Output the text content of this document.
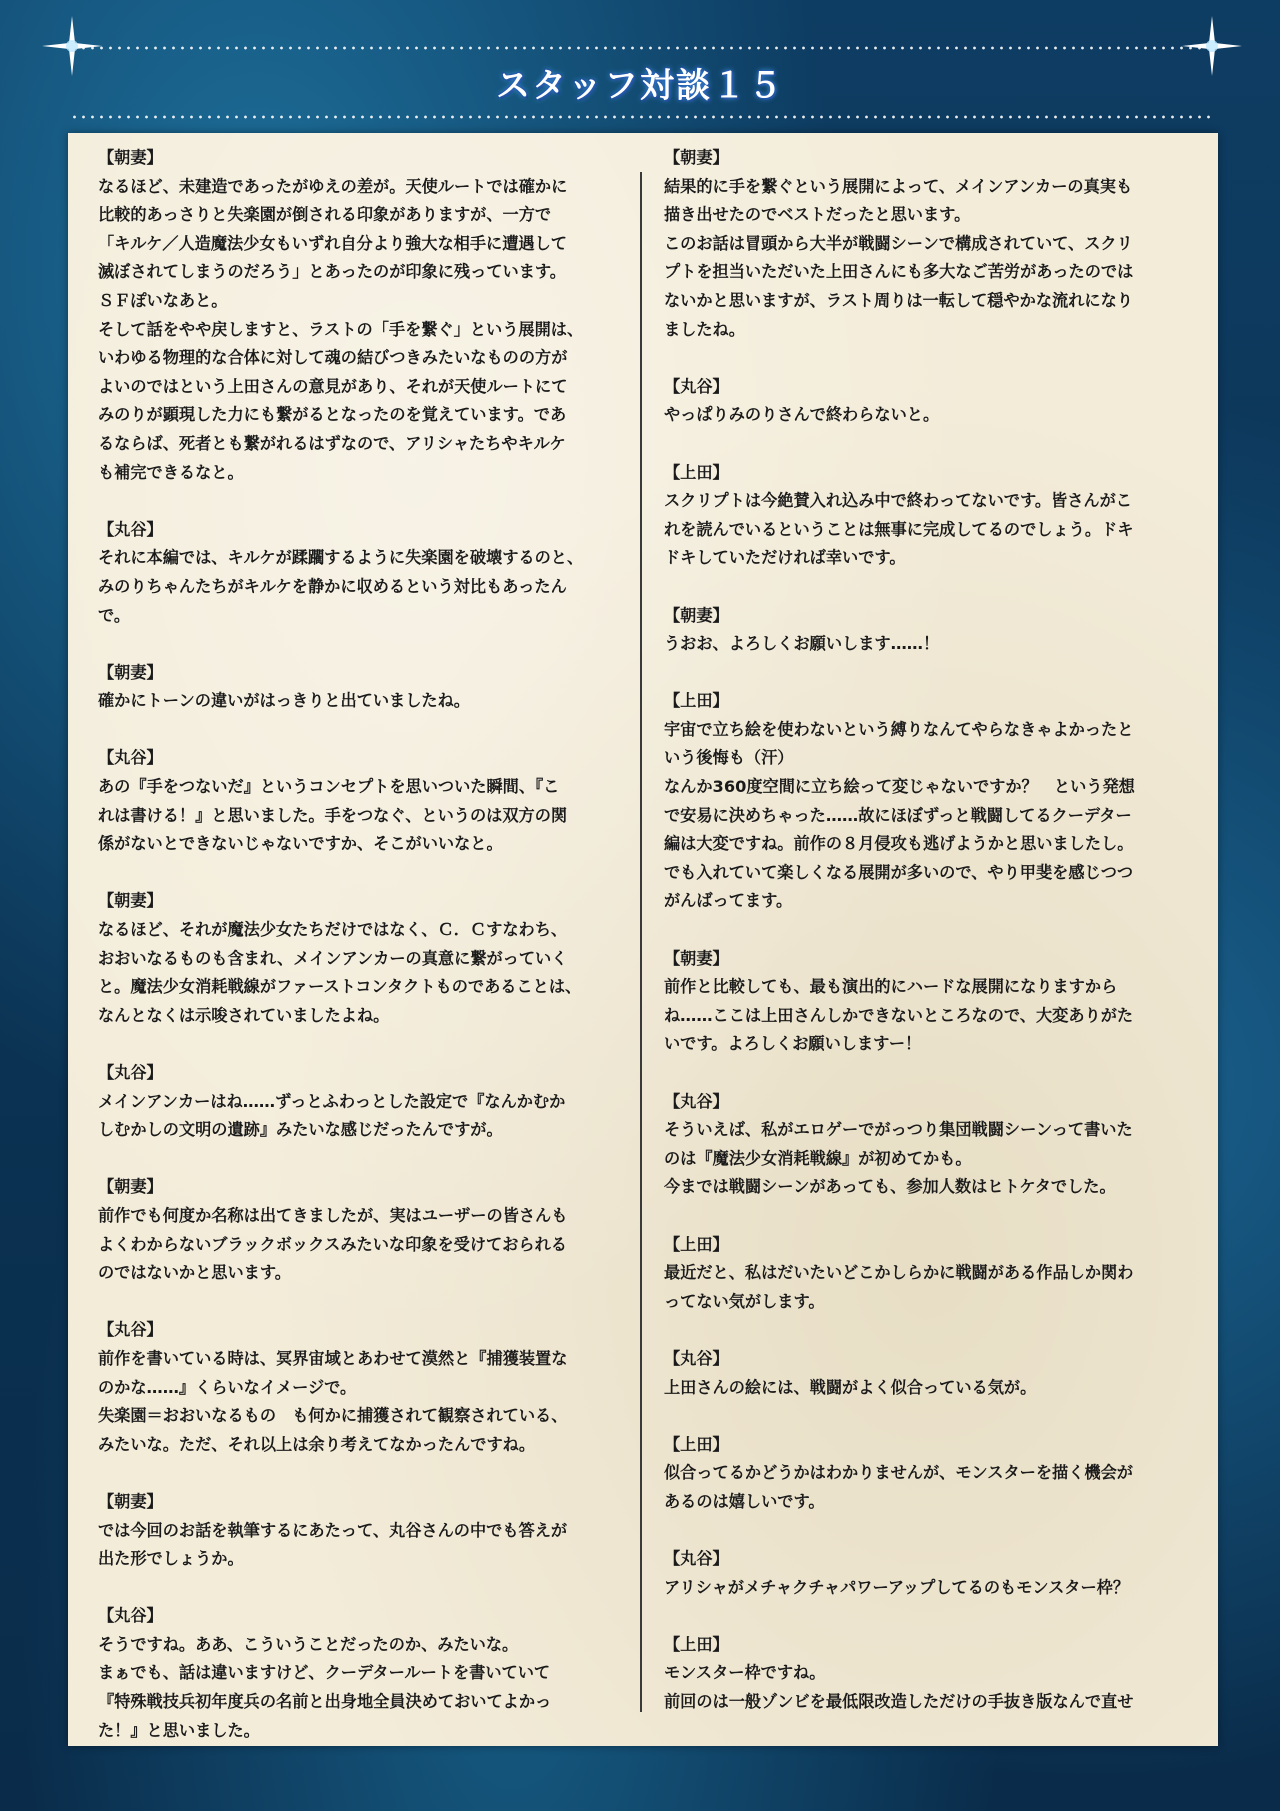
スタッフ対談１５
【朝妻】
なるほど、未建造であったがゆえの差が。天使ルートでは確かに
比較的あっさりと失楽園が倒される印象がありますが、一方で
「キルケ／人造魔法少女もいずれ自分より強大な相手に遭遇して
滅ぼされてしまうのだろう」とあったのが印象に残っています。
ＳＦぽいなあと。
そして話をやや戻しますと、ラストの「手を繋ぐ」という展開は、
いわゆる物理的な合体に対して魂の結びつきみたいなものの方が
よいのではという上田さんの意見があり、それが天使ルートにて
みのりが顕現した力にも繋がるとなったのを覚えています。であ
るならば、死者とも繋がれるはずなので、アリシャたちやキルケ
も補完できるなと。
【丸谷】
それに本編では、キルケが蹂躙するように失楽園を破壊するのと、
みのりちゃんたちがキルケを静かに収めるという対比もあったん
で。
【朝妻】
確かにトーンの違いがはっきりと出ていましたね。
【丸谷】
あの『手をつないだ』というコンセプトを思いついた瞬間、『こ
れは書ける！』と思いました。手をつなぐ、というのは双方の関
係がないとできないじゃないですか、そこがいいなと。
【朝妻】
なるほど、それが魔法少女たちだけではなく、Ｃ．Ｃすなわち、
おおいなるものも含まれ、メインアンカーの真意に繋がっていく
と。魔法少女消耗戦線がファーストコンタクトものであることは、
なんとなくは示唆されていましたよね。
【丸谷】
メインアンカーはね……ずっとふわっとした設定で『なんかむか
しむかしの文明の遺跡』みたいな感じだったんですが。
【朝妻】
前作でも何度か名称は出てきましたが、実はユーザーの皆さんも
よくわからないブラックボックスみたいな印象を受けておられる
のではないかと思います。
【丸谷】
前作を書いている時は、冥界宙域とあわせて漠然と『捕獲装置な
のかな……』くらいなイメージで。
失楽園＝おおいなるもの　も何かに捕獲されて観察されている、
みたいな。ただ、それ以上は余り考えてなかったんですね。
【朝妻】
では今回のお話を執筆するにあたって、丸谷さんの中でも答えが
出た形でしょうか。
【丸谷】
そうですね。ああ、こういうことだったのか、みたいな。
まぁでも、話は違いますけど、クーデタールートを書いていて
『特殊戦技兵初年度兵の名前と出身地全員決めておいてよかっ
た！』と思いました。
【朝妻】
結果的に手を繋ぐという展開によって、メインアンカーの真実も
描き出せたのでベストだったと思います。
このお話は冒頭から大半が戦闘シーンで構成されていて、スクリ
プトを担当いただいた上田さんにも多大なご苦労があったのでは
ないかと思いますが、ラスト周りは一転して穏やかな流れになり
ましたね。
【丸谷】
やっぱりみのりさんで終わらないと。
【上田】
スクリプトは今絶賛入れ込み中で終わってないです。皆さんがこ
れを読んでいるということは無事に完成してるのでしょう。ドキ
ドキしていただければ幸いです。
【朝妻】
うおお、よろしくお願いします……！
【上田】
宇宙で立ち絵を使わないという縛りなんてやらなきゃよかったと
いう後悔も（汗）
なんか360度空間に立ち絵って変じゃないですか？　という発想
で安易に決めちゃった……故にほぼずっと戦闘してるクーデター
編は大変ですね。前作の８月侵攻も逃げようかと思いましたし。
でも入れていて楽しくなる展開が多いので、やり甲斐を感じつつ
がんばってます。
【朝妻】
前作と比較しても、最も演出的にハードな展開になりますから
ね……ここは上田さんしかできないところなので、大変ありがた
いです。よろしくお願いしますー！
【丸谷】
そういえば、私がエロゲーでがっつり集団戦闘シーンって書いた
のは『魔法少女消耗戦線』が初めてかも。
今までは戦闘シーンがあっても、参加人数はヒトケタでした。
【上田】
最近だと、私はだいたいどこかしらかに戦闘がある作品しか関わ
ってない気がします。
【丸谷】
上田さんの絵には、戦闘がよく似合っている気が。
【上田】
似合ってるかどうかはわかりませんが、モンスターを描く機会が
あるのは嬉しいです。
【丸谷】
アリシャがメチャクチャパワーアップしてるのもモンスター枠？
【上田】
モンスター枠ですね。
前回のは一般ゾンビを最低限改造しただけの手抜き版なんで直せ
